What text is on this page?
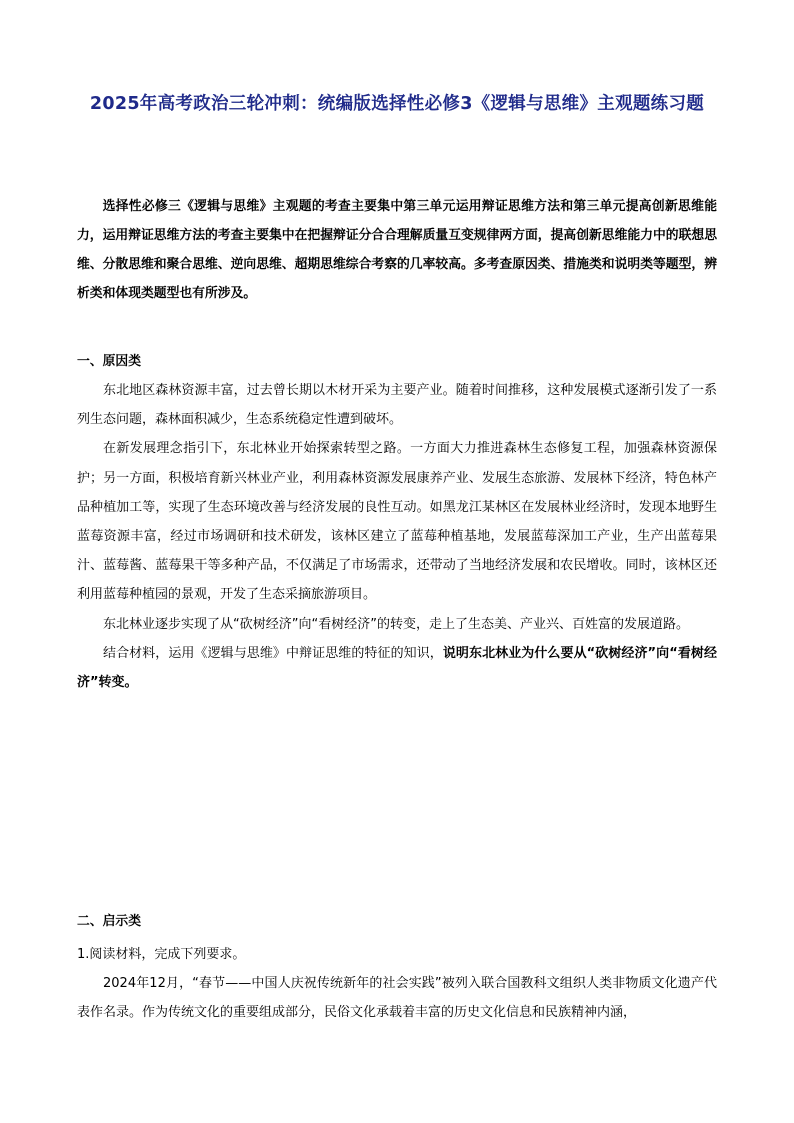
2025年高考政治三轮冲刺：统编版选择性必修3《逻辑与思维》主观题练习题
选择性必修三《逻辑与思维》主观题的考查主要集中第三单元运用辩证思维方法和第三单元提高创新思维能力，运用辩证思维方法的考查主要集中在把握辩证分合合理解质量互变规律两方面，提高创新思维能力中的联想思维、分散思维和聚合思维、逆向思维、超期思维综合考察的几率较高。多考查原因类、措施类和说明类等题型，辨析类和体现类题型也有所涉及。
一、原因类

东北地区森林资源丰富，过去曾长期以木材开采为主要产业。随着时间推移，这种发展模式逐渐引发了一系列生态问题，森林面积减少，生态系统稳定性遭到破坏。

在新发展理念指引下，东北林业开始探索转型之路。一方面大力推进森林生态修复工程，加强森林资源保护；另一方面，积极培育新兴林业产业，利用森林资源发展康养产业、发展生态旅游、发展林下经济，特色林产品种植加工等，实现了生态环境改善与经济发展的良性互动。如黑龙江某林区在发展林业经济时，发现本地野生蓝莓资源丰富，经过市场调研和技术研发，该林区建立了蓝莓种植基地，发展蓝莓深加工产业，生产出蓝莓果汁、蓝莓酱、蓝莓果干等多种产品，不仅满足了市场需求，还带动了当地经济发展和农民增收。同时，该林区还利用蓝莓种植园的景观，开发了生态采摘旅游项目。

东北林业逐步实现了从“砍树经济”向“看树经济”的转变，走上了生态美、产业兴、百姓富的发展道路。

结合材料，运用《逻辑与思维》中辩证思维的特征的知识，说明东北林业为什么要从“砍树经济”向“看树经济”转变。

二、启示类

1.阅读材料，完成下列要求。

2024年12月，“春节——中国人庆祝传统新年的社会实践”被列入联合国教科文组织人类非物质文化遗产代表作名录。作为传统文化的重要组成部分，民俗文化承载着丰富的历史文化信息和民族精神内涵，
